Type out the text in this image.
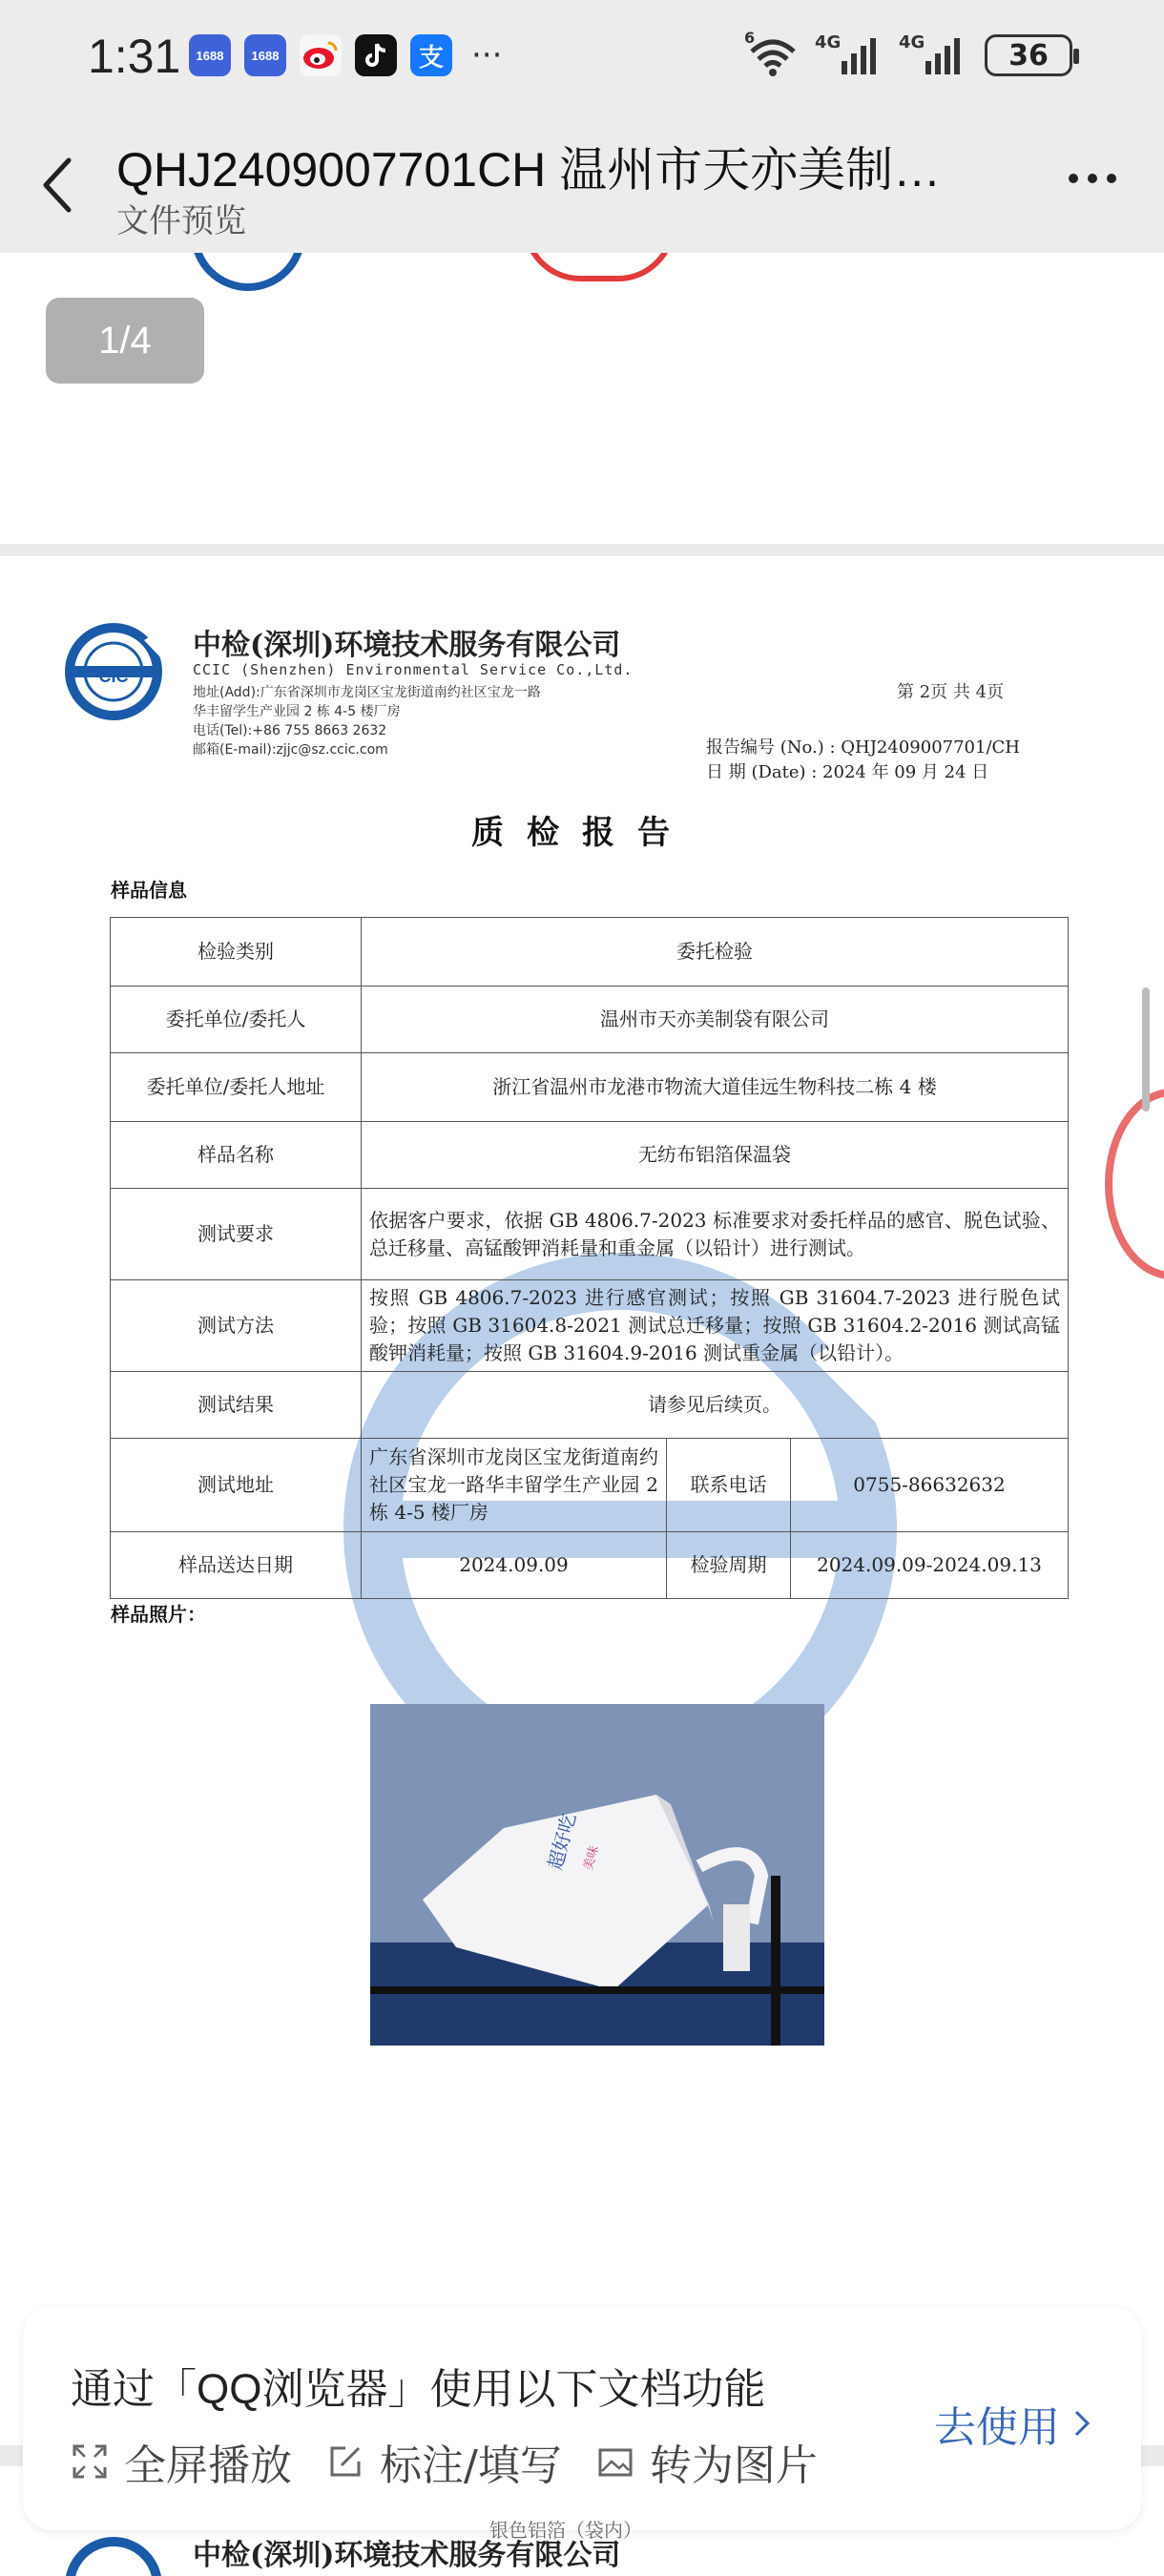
1:31	1688	1688	支 ···	6	4G	4G	36
QHJ2409007701CH 温州市天亦美制…
文件预览
1/4
CIC
中检(深圳)环境技术服务有限公司
CCIC (Shenzhen) Environmental Service Co.,Ltd.
地址(Add):广东省深圳市龙岗区宝龙街道南约社区宝龙一路
华丰留学生产业园 2 栋 4-5 楼厂房
电话(Tel):+86 755 8663 2632
邮箱(E-mail):zjjc@sz.ccic.com
第 2页 共 4页
报告编号 (No.) : QHJ2409007701/CH
日 期 (Date) : 2024 年 09 月 24 日
质检报告
样品信息
检验类别	委托检验		
委托单位/委托人	温州市天亦美制袋有限公司		
委托单位/委托人地址	浙江省温州市龙港市物流大道佳远生物科技二栋 4 楼		
样品名称	无纺布铝箔保温袋		
测试要求	依据客户要求，依据 GB 4806.7-2023 标准要求对委托样品的感官、脱色试验、总迁移量、高锰酸钾消耗量和重金属（以铅计）进行测试。		
测试方法	按照 GB 4806.7-2023 进行感官测试；按照 GB 31604.7-2023 进行脱色试验；按照 GB 31604.8-2021 测试总迁移量；按照 GB 31604.2-2016 测试高锰酸钾消耗量；按照 GB 31604.9-2016 测试重金属（以铅计）。		
测试结果	请参见后续页。		
测试地址	广东省深圳市龙岗区宝龙街道南约社区宝龙一路华丰留学生产业园 2 栋 4-5 楼厂房	联系电话	0755-86632632
样品送达日期	2024.09.09	检验周期	2024.09.09-2024.09.13
样品照片：
超好吃 美味
中检(深圳)环境技术服务有限公司
通过「QQ浏览器」使用以下文档功能
全屏播放 标注/填写 转为图片
去使用
银色铝箔（袋内）
